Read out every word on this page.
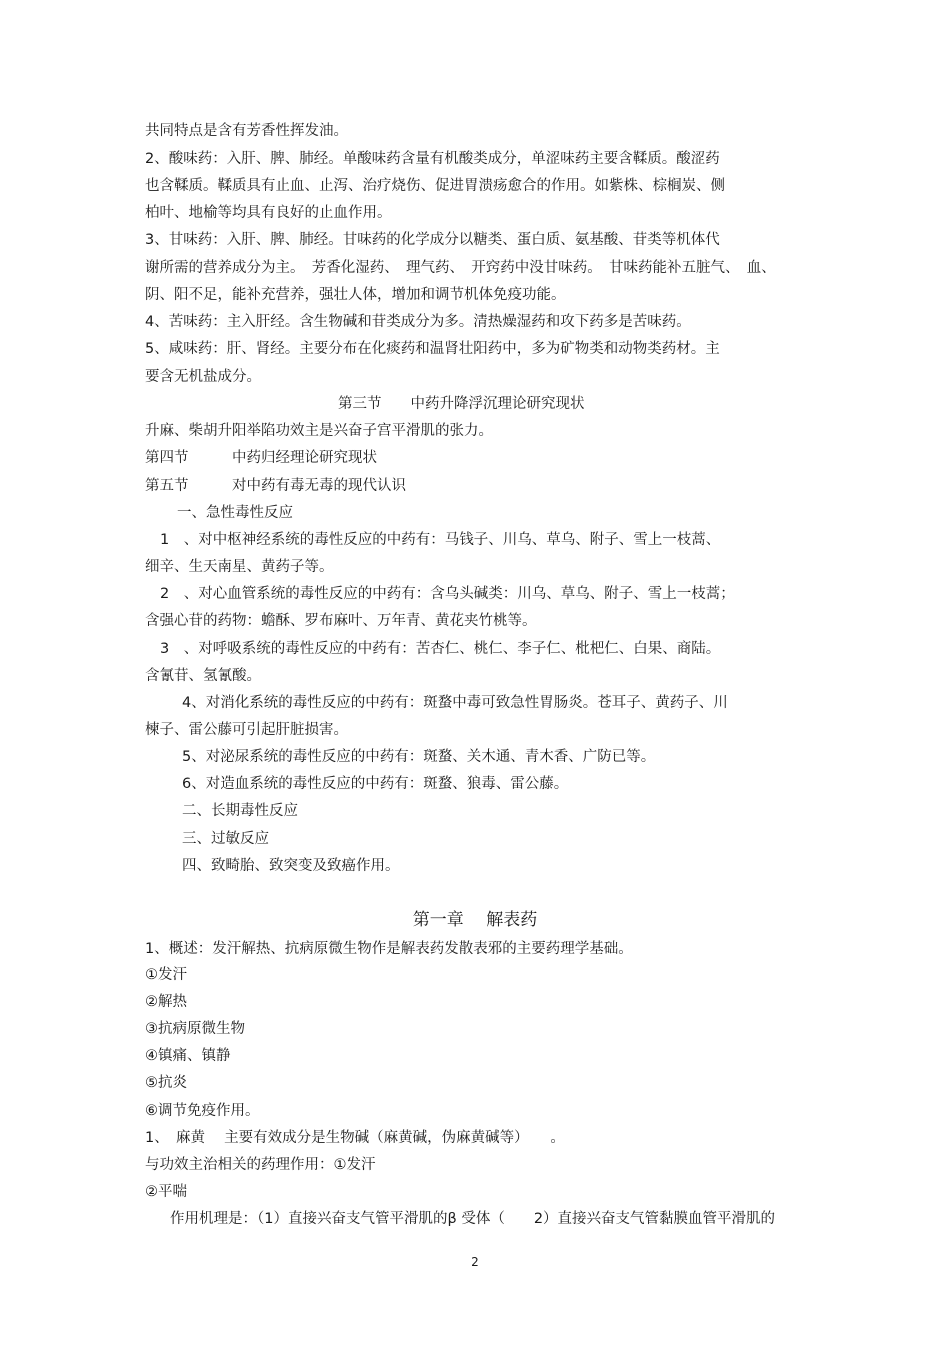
共同特点是含有芳香性挥发油。
2、酸味药：入肝、脾、肺经。单酸味药含量有机酸类成分，单涩味药主要含鞣质。酸涩药
也含鞣质。鞣质具有止血、止泻、治疗烧伤、促进胃溃疡愈合的作用。如紫株、棕榈炭、侧
柏叶、地榆等均具有良好的止血作用。
3、甘味药：入肝、脾、肺经。甘味药的化学成分以糖类、蛋白质、氨基酸、苷类等机体代
谢所需的营养成分为主。　芳香化湿药、　理气药、　开窍药中没甘味药。　甘味药能补五脏气、　血、
阴、阳不足，能补充营养，强壮人体，增加和调节机体免疫功能。
4、苦味药：主入肝经。含生物碱和苷类成分为多。清热燥湿药和攻下药多是苦味药。
5、咸味药：肝、肾经。主要分布在化痰药和温肾壮阳药中，多为矿物类和动物类药材。主
要含无机盐成分。
第三节　　中药升降浮沉理论研究现状
升麻、柴胡升阳举陷功效主是兴奋子宫平滑肌的张力。
第四节　　　中药归经理论研究现状
第五节　　　对中药有毒无毒的现代认识
一、急性毒性反应
1　、对中枢神经系统的毒性反应的中药有：马钱子、川乌、草乌、附子、雪上一枝蒿、
细辛、生天南星、黄药子等。
2　、对心血管系统的毒性反应的中药有：含乌头碱类：川乌、草乌、附子、雪上一枝蒿；
含强心苷的药物：蟾酥、罗布麻叶、万年青、黄花夹竹桃等。
3　、对呼吸系统的毒性反应的中药有：苦杏仁、桃仁、李子仁、枇杷仁、白果、商陆。
含氰苷、氢氰酸。
4、对消化系统的毒性反应的中药有：斑蝥中毒可致急性胃肠炎。苍耳子、黄药子、川
楝子、雷公藤可引起肝脏损害。
5、对泌尿系统的毒性反应的中药有：斑蝥、关木通、青木香、广防已等。
6、对造血系统的毒性反应的中药有：斑蝥、狼毒、雷公藤。
二、长期毒性反应
三、过敏反应
四、致畸胎、致突变及致癌作用。
第一章　 解表药
1、概述：发汗解热、抗病原微生物作是解表药发散表邪的主要药理学基础。
①发汗
②解热
③抗病原微生物
④镇痛、镇静
⑤抗炎
⑥调节免疫作用。
1、　麻黄　 主要有效成分是生物碱（麻黄碱，伪麻黄碱等）　　。
与功效主治相关的药理作用：①发汗
②平喘
作用机理是：（1）直接兴奋支气管平滑肌的β 受体（　　2）直接兴奋支气管黏膜血管平滑肌的
2
